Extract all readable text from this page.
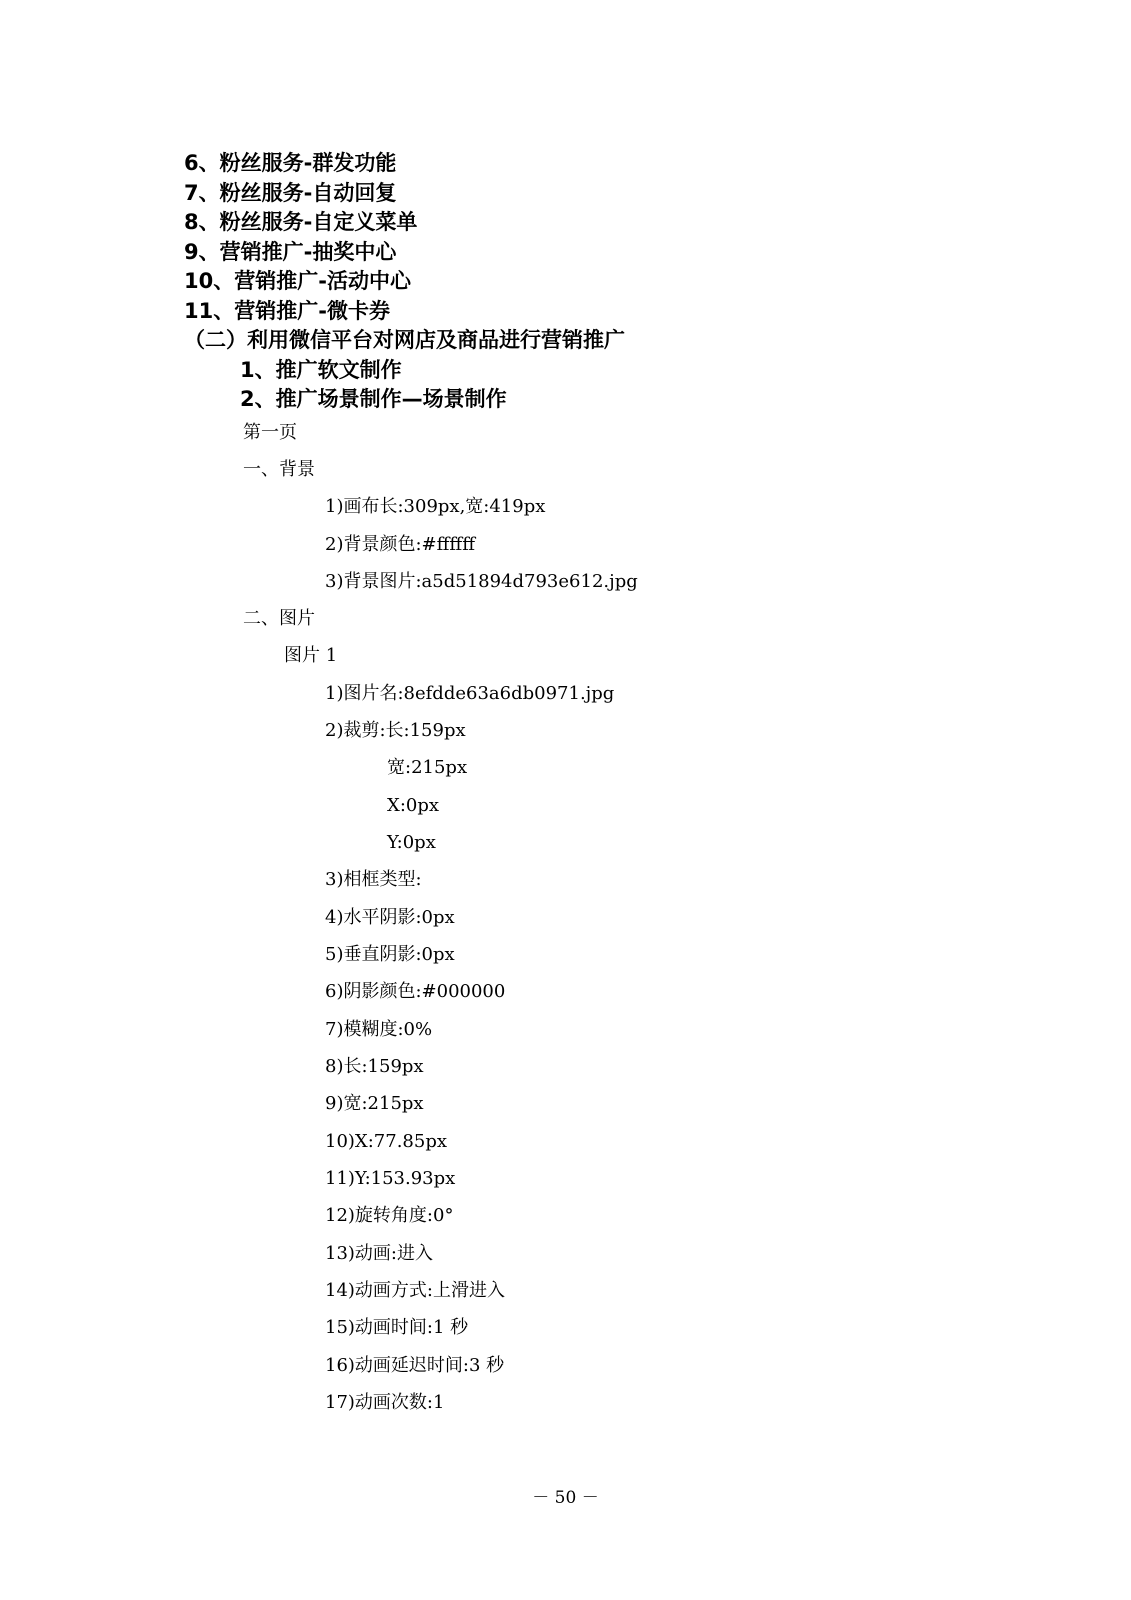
6、粉丝服务-群发功能
7、粉丝服务-自动回复
8、粉丝服务-自定义菜单
9、营销推广-抽奖中心
10、营销推广-活动中心
11、营销推广-微卡券
（二）利用微信平台对网店及商品进行营销推广
1、推广软文制作
2、推广场景制作—场景制作
第一页
一、背景
1)画布长:309px,宽:419px
2)背景颜色:#ffffff
3)背景图片:a5d51894d793e612.jpg
二、图片
图片 1
1)图片名:8efdde63a6db0971.jpg
2)裁剪:长:159px
宽:215px
X:0px
Y:0px
3)相框类型:
4)水平阴影:0px
5)垂直阴影:0px
6)阴影颜色:#000000
7)模糊度:0%
8)长:159px
9)宽:215px
10)X:77.85px
11)Y:153.93px
12)旋转角度:0°
13)动画:进入
14)动画方式:上滑进入
15)动画时间:1 秒
16)动画延迟时间:3 秒
17)动画次数:1
－ 50 －
